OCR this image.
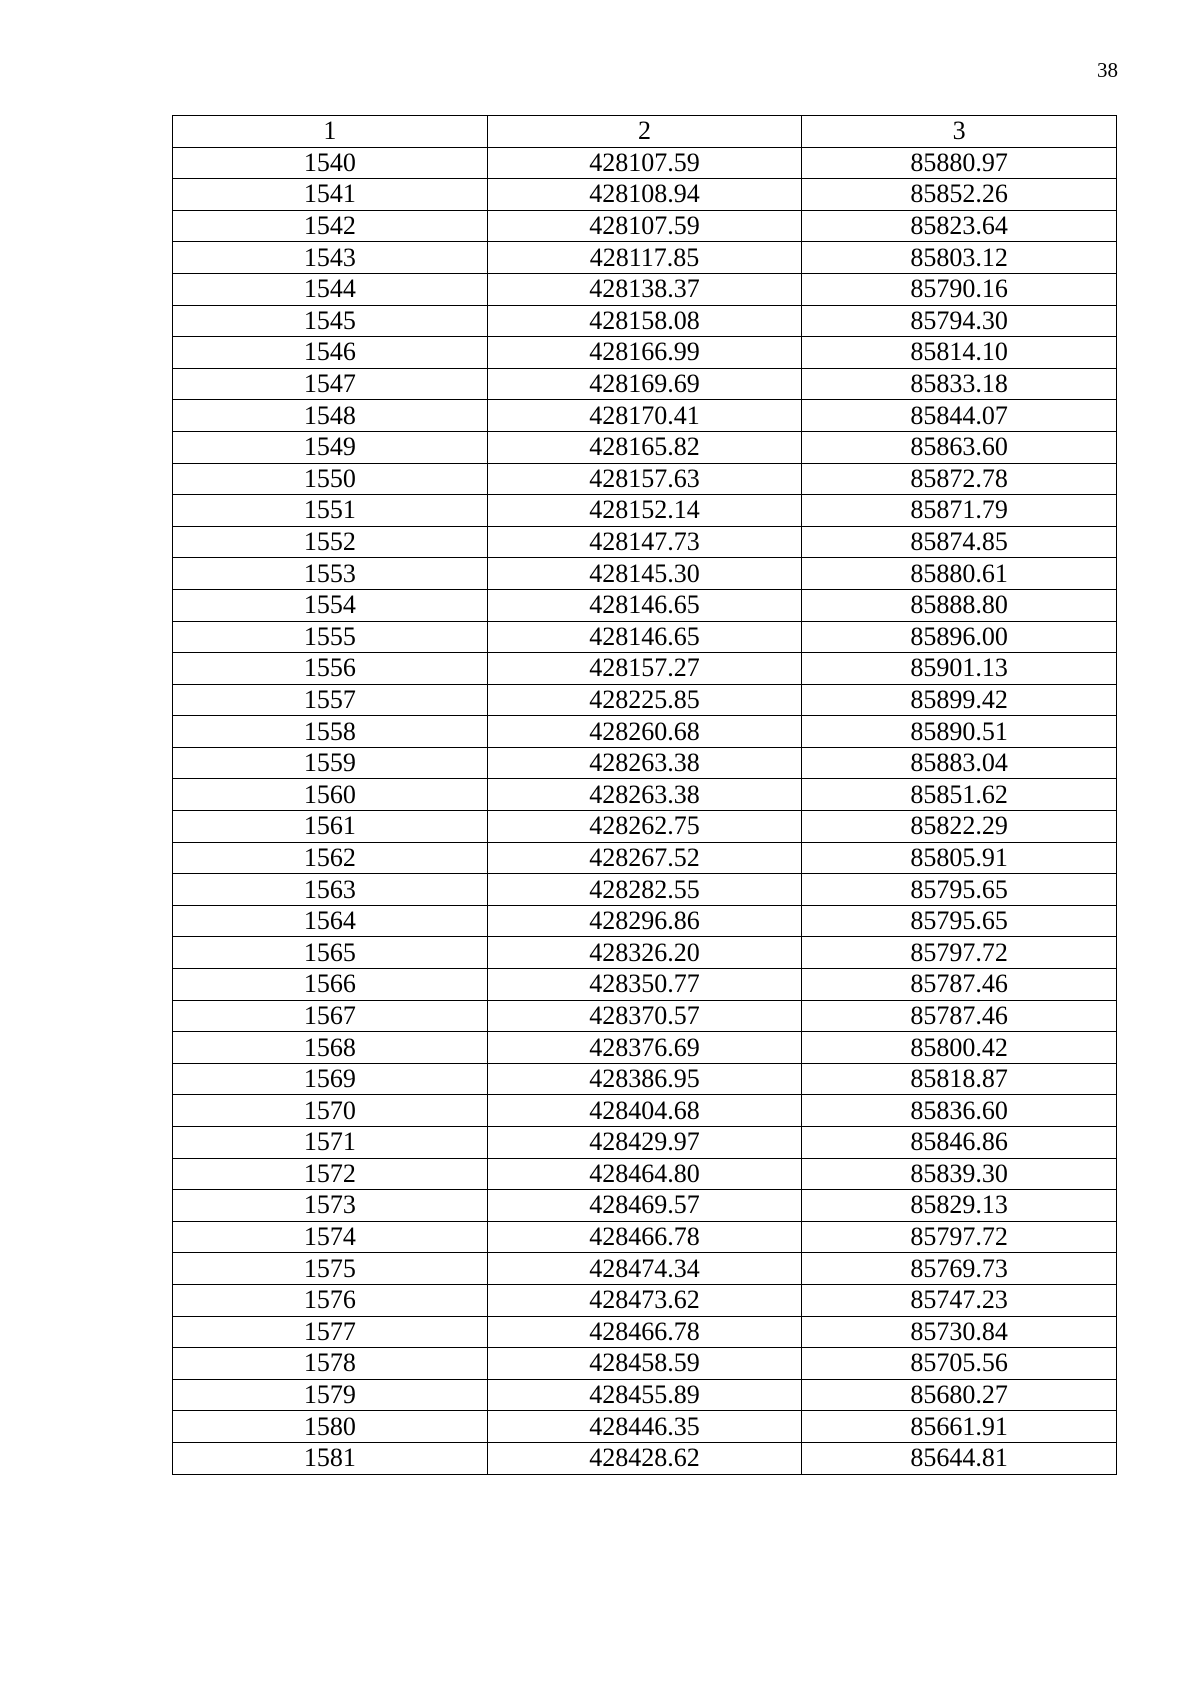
38
1	2	3
1540	428107.59	85880.97
1541	428108.94	85852.26
1542	428107.59	85823.64
1543	428117.85	85803.12
1544	428138.37	85790.16
1545	428158.08	85794.30
1546	428166.99	85814.10
1547	428169.69	85833.18
1548	428170.41	85844.07
1549	428165.82	85863.60
1550	428157.63	85872.78
1551	428152.14	85871.79
1552	428147.73	85874.85
1553	428145.30	85880.61
1554	428146.65	85888.80
1555	428146.65	85896.00
1556	428157.27	85901.13
1557	428225.85	85899.42
1558	428260.68	85890.51
1559	428263.38	85883.04
1560	428263.38	85851.62
1561	428262.75	85822.29
1562	428267.52	85805.91
1563	428282.55	85795.65
1564	428296.86	85795.65
1565	428326.20	85797.72
1566	428350.77	85787.46
1567	428370.57	85787.46
1568	428376.69	85800.42
1569	428386.95	85818.87
1570	428404.68	85836.60
1571	428429.97	85846.86
1572	428464.80	85839.30
1573	428469.57	85829.13
1574	428466.78	85797.72
1575	428474.34	85769.73
1576	428473.62	85747.23
1577	428466.78	85730.84
1578	428458.59	85705.56
1579	428455.89	85680.27
1580	428446.35	85661.91
1581	428428.62	85644.81
